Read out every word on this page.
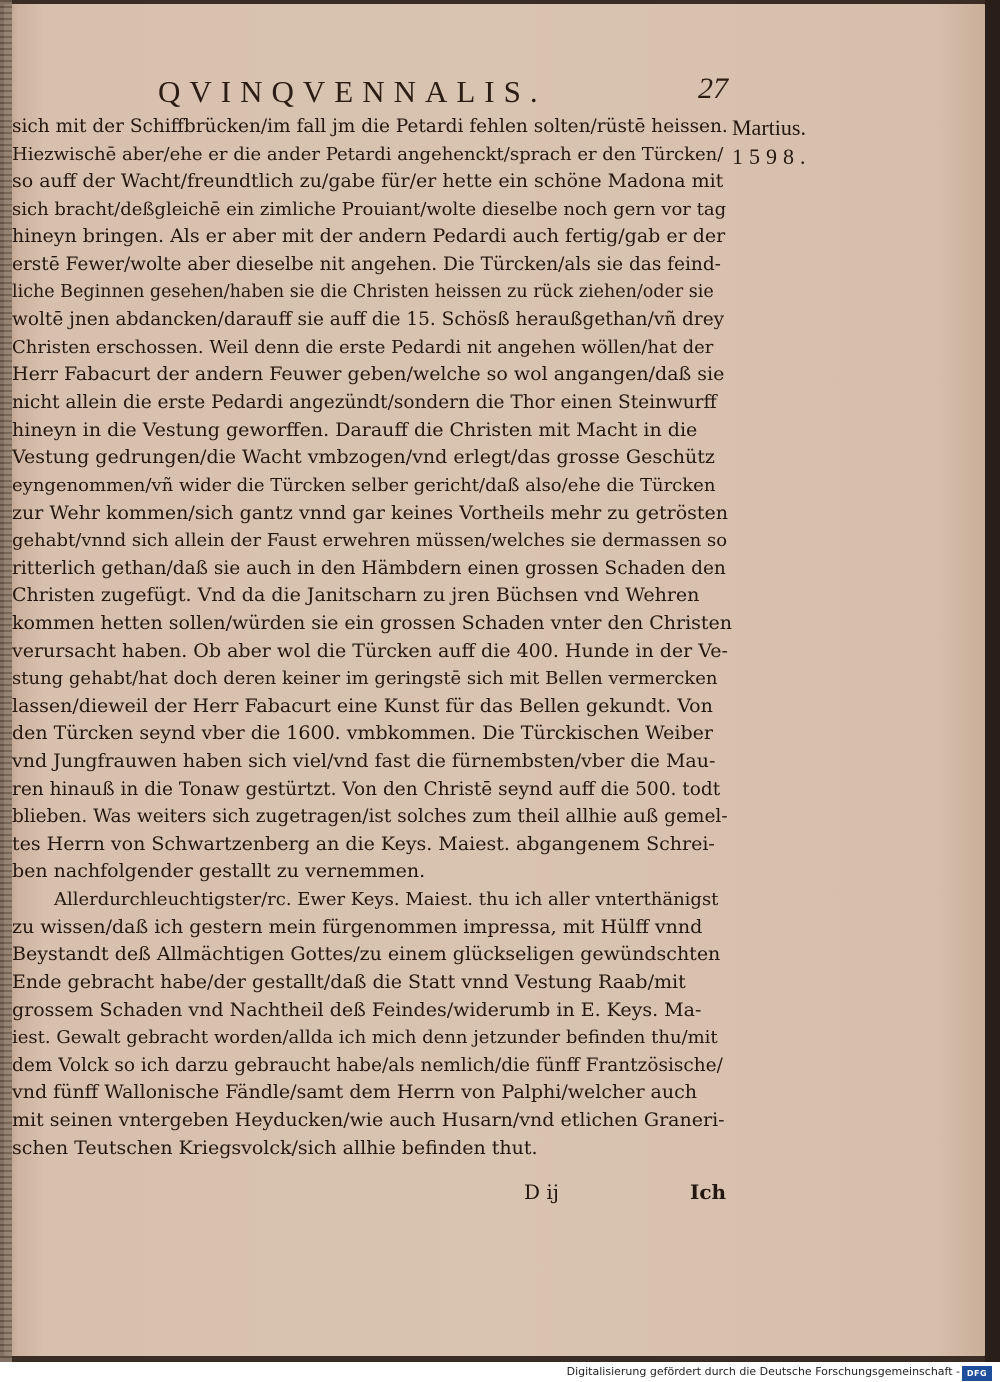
QVINQVENNALIS.	27
sich mit der Schiffbrücken/im fall jm die Petardi fehlen solten/rüstē heissen.
Hiezwischē aber/ehe er die ander Petardi angehenckt/sprach er den Türcken/
so auff der Wacht/freundtlich zu/gabe für/er hette ein schöne Madona mit
sich bracht/deßgleichē ein zimliche Prouiant/wolte dieselbe noch gern vor tag
hineyn bringen. Als er aber mit der andern Pedardi auch fertig/gab er der
erstē Fewer/wolte aber dieselbe nit angehen. Die Türcken/als sie das feind-
liche Beginnen gesehen/haben sie die Christen heissen zu rück ziehen/oder sie
woltē jnen abdancken/darauff sie auff die 15. Schösß heraußgethan/vñ drey
Christen erschossen. Weil denn die erste Pedardi nit angehen wöllen/hat der
Herr Fabacurt der andern Feuwer geben/welche so wol angangen/daß sie
nicht allein die erste Pedardi angezündt/sondern die Thor einen Steinwurff
hineyn in die Vestung geworffen. Darauff die Christen mit Macht in die
Vestung gedrungen/die Wacht vmbzogen/vnd erlegt/das grosse Geschütz
eyngenommen/vñ wider die Türcken selber gericht/daß also/ehe die Türcken
zur Wehr kommen/sich gantz vnnd gar keines Vortheils mehr zu getrösten
gehabt/vnnd sich allein der Faust erwehren müssen/welches sie dermassen so
ritterlich gethan/daß sie auch in den Hämbdern einen grossen Schaden den
Christen zugefügt. Vnd da die Janitscharn zu jren Büchsen vnd Wehren
kommen hetten sollen/würden sie ein grossen Schaden vnter den Christen
verursacht haben. Ob aber wol die Türcken auff die 400. Hunde in der Ve-
stung gehabt/hat doch deren keiner im geringstē sich mit Bellen vermercken
lassen/dieweil der Herr Fabacurt eine Kunst für das Bellen gekundt. Von
den Türcken seynd vber die 1600. vmbkommen. Die Türckischen Weiber
vnd Jungfrauwen haben sich viel/vnd fast die fürnembsten/vber die Mau-
ren hinauß in die Tonaw gestürtzt. Von den Christē seynd auff die 500. todt
blieben. Was weiters sich zugetragen/ist solches zum theil allhie auß gemel-
tes Herrn von Schwartzenberg an die Keys. Maiest. abgangenem Schrei-
ben nachfolgender gestallt zu vernemmen.
Allerdurchleuchtigster/rc. Ewer Keys. Maiest. thu ich aller vnterthänigst
zu wissen/daß ich gestern mein fürgenommen impressa, mit Hülff vnnd
Beystandt deß Allmächtigen Gottes/zu einem glückseligen gewündschten
Ende gebracht habe/der gestallt/daß die Statt vnnd Vestung Raab/mit
grossem Schaden vnd Nachtheil deß Feindes/widerumb in E. Keys. Ma-
iest. Gewalt gebracht worden/allda ich mich denn jetzunder befinden thu/mit
dem Volck so ich darzu gebraucht habe/als nemlich/die fünff Frantzösische/
vnd fünff Wallonische Fändle/samt dem Herrn von Palphi/welcher auch
mit seinen vntergeben Heyducken/wie auch Husarn/vnd etlichen Graneri-
schen Teutschen Kriegsvolck/sich allhie befinden thut.
Martius.
1598.
D ij	Ich
Digitalisierung gefördert durch die Deutsche Forschungsgemeinschaft - DFG
